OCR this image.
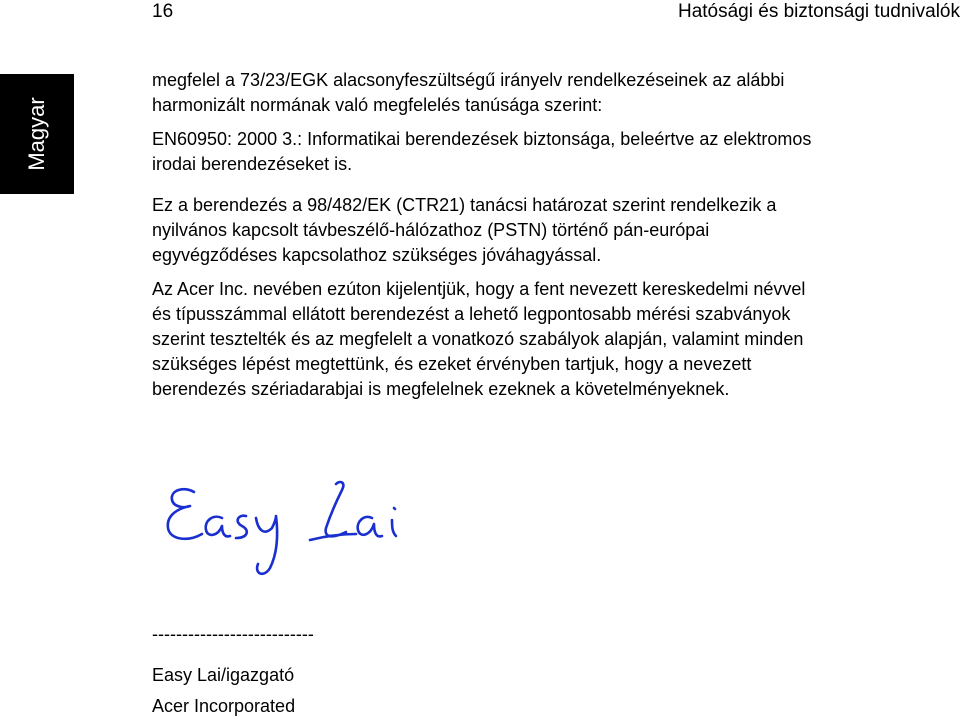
16	Hatósági és biztonsági tudnivalók
Magyar

megfelel a 73/23/EGK alacsonyfeszültségű irányelv rendelkezéseinek az alábbi
harmonizált normának való megfelelés tanúsága szerint:

EN60950: 2000 3.: Informatikai berendezések biztonsága, beleértve az elektromos
irodai berendezéseket is.

Ez a berendezés a 98/482/EK (CTR21) tanácsi határozat szerint rendelkezik a
nyilvános kapcsolt távbeszélő-hálózathoz (PSTN) történő pán-európai
egyvégződéses kapcsolathoz szükséges jóváhagyással.

Az Acer Inc. nevében ezúton kijelentjük, hogy a fent nevezett kereskedelmi névvel
és típusszámmal ellátott berendezést a lehető legpontosabb mérési szabványok
szerint tesztelték és az megfelelt a vonatkozó szabályok alapján, valamint minden
szükséges lépést megtettünk, és ezeket érvényben tartjuk, hogy a nevezett
berendezés szériadarabjai is megfelelnek ezeknek a követelményeknek.

---------------------------
Easy Lai/igazgató
Acer Incorporated
